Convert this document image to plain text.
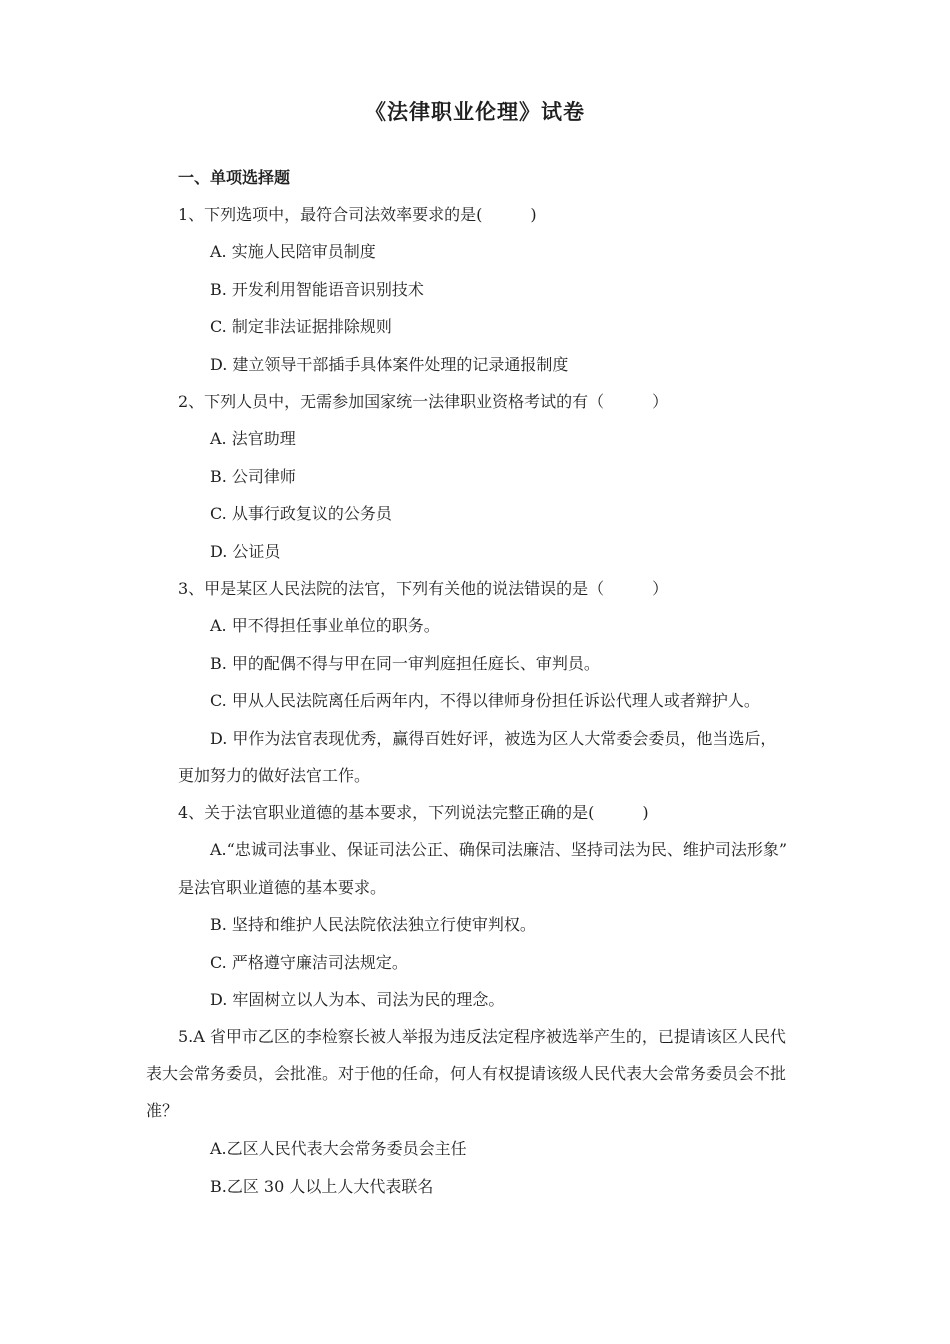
《法律职业伦理》试卷
一、单项选择题
1、下列选项中，最符合司法效率要求的是(　　　)
A. 实施人民陪审员制度
B. 开发利用智能语音识别技术
C. 制定非法证据排除规则
D. 建立领导干部插手具体案件处理的记录通报制度
2、下列人员中，无需参加国家统一法律职业资格考试的有（　　　）
A. 法官助理
B. 公司律师
C. 从事行政复议的公务员
D. 公证员
3、甲是某区人民法院的法官，下列有关他的说法错误的是（　　　）
A. 甲不得担任事业单位的职务。
B. 甲的配偶不得与甲在同一审判庭担任庭长、审判员。
C. 甲从人民法院离任后两年内，不得以律师身份担任诉讼代理人或者辩护人。
D. 甲作为法官表现优秀，赢得百姓好评，被选为区人大常委会委员，他当选后，
更加努力的做好法官工作。
4、关于法官职业道德的基本要求，下列说法完整正确的是(　　　)
A.“忠诚司法事业、保证司法公正、确保司法廉洁、坚持司法为民、维护司法形象”
是法官职业道德的基本要求。
B. 坚持和维护人民法院依法独立行使审判权。
C. 严格遵守廉洁司法规定。
D. 牢固树立以人为本、司法为民的理念。
5.A 省甲市乙区的李检察长被人举报为违反法定程序被选举产生的，已提请该区人民代
表大会常务委员，会批准。对于他的任命，何人有权提请该级人民代表大会常务委员会不批
准？
A.乙区人民代表大会常务委员会主任
B.乙区 30 人以上人大代表联名
